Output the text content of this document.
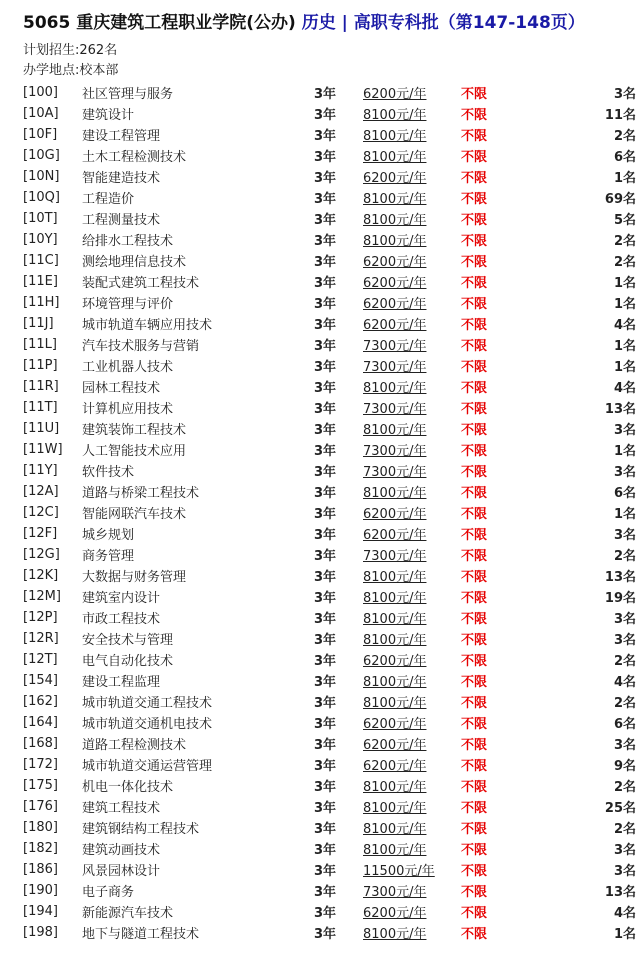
5065 重庆建筑工程职业学院(公办) 历史 | 高职专科批（第147-148页）
计划招生:262名
办学地点:校本部
[100]	社区管理与服务	3年	6200元/年	不限	3名
[10A]	建筑设计	3年	8100元/年	不限	11名
[10F]	建设工程管理	3年	8100元/年	不限	2名
[10G]	土木工程检测技术	3年	8100元/年	不限	6名
[10N]	智能建造技术	3年	6200元/年	不限	1名
[10Q]	工程造价	3年	8100元/年	不限	69名
[10T]	工程测量技术	3年	8100元/年	不限	5名
[10Y]	给排水工程技术	3年	8100元/年	不限	2名
[11C]	测绘地理信息技术	3年	6200元/年	不限	2名
[11E]	装配式建筑工程技术	3年	6200元/年	不限	1名
[11H]	环境管理与评价	3年	6200元/年	不限	1名
[11J]	城市轨道车辆应用技术	3年	6200元/年	不限	4名
[11L]	汽车技术服务与营销	3年	7300元/年	不限	1名
[11P]	工业机器人技术	3年	7300元/年	不限	1名
[11R]	园林工程技术	3年	8100元/年	不限	4名
[11T]	计算机应用技术	3年	7300元/年	不限	13名
[11U]	建筑装饰工程技术	3年	8100元/年	不限	3名
[11W]	人工智能技术应用	3年	7300元/年	不限	1名
[11Y]	软件技术	3年	7300元/年	不限	3名
[12A]	道路与桥梁工程技术	3年	8100元/年	不限	6名
[12C]	智能网联汽车技术	3年	6200元/年	不限	1名
[12F]	城乡规划	3年	6200元/年	不限	3名
[12G]	商务管理	3年	7300元/年	不限	2名
[12K]	大数据与财务管理	3年	8100元/年	不限	13名
[12M]	建筑室内设计	3年	8100元/年	不限	19名
[12P]	市政工程技术	3年	8100元/年	不限	3名
[12R]	安全技术与管理	3年	8100元/年	不限	3名
[12T]	电气自动化技术	3年	6200元/年	不限	2名
[154]	建设工程监理	3年	8100元/年	不限	4名
[162]	城市轨道交通工程技术	3年	8100元/年	不限	2名
[164]	城市轨道交通机电技术	3年	6200元/年	不限	6名
[168]	道路工程检测技术	3年	6200元/年	不限	3名
[172]	城市轨道交通运营管理	3年	6200元/年	不限	9名
[175]	机电一体化技术	3年	8100元/年	不限	2名
[176]	建筑工程技术	3年	8100元/年	不限	25名
[180]	建筑钢结构工程技术	3年	8100元/年	不限	2名
[182]	建筑动画技术	3年	8100元/年	不限	3名
[186]	风景园林设计	3年	11500元/年	不限	3名
[190]	电子商务	3年	7300元/年	不限	13名
[194]	新能源汽车技术	3年	6200元/年	不限	4名
[198]	地下与隧道工程技术	3年	8100元/年	不限	1名
